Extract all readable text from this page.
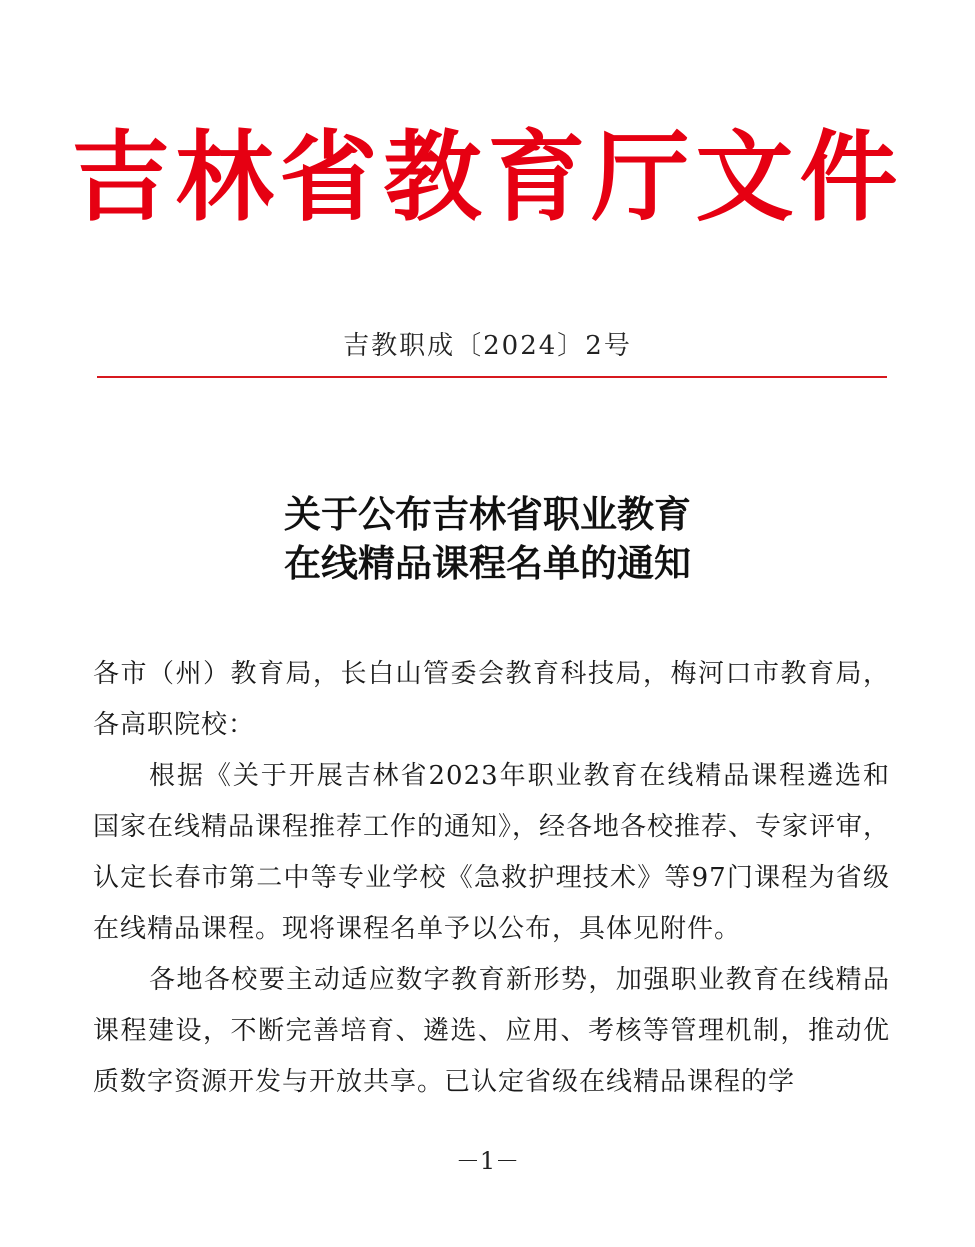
吉林省教育厅文件
吉教职成〔2024〕2号
关于公布吉林省职业教育
在线精品课程名单的通知

各市（州）教育局，长白山管委会教育科技局，梅河口市教育局，各高职院校：

根据《关于开展吉林省2023年职业教育在线精品课程遴选和国家在线精品课程推荐工作的通知》，经各地各校推荐、专家评审，认定长春市第二中等专业学校《急救护理技术》等97门课程为省级在线精品课程。现将课程名单予以公布，具体见附件。

各地各校要主动适应数字教育新形势，加强职业教育在线精品课程建设，不断完善培育、遴选、应用、考核等管理机制，推动优质数字资源开发与开放共享。已认定省级在线精品课程的学

－1－
